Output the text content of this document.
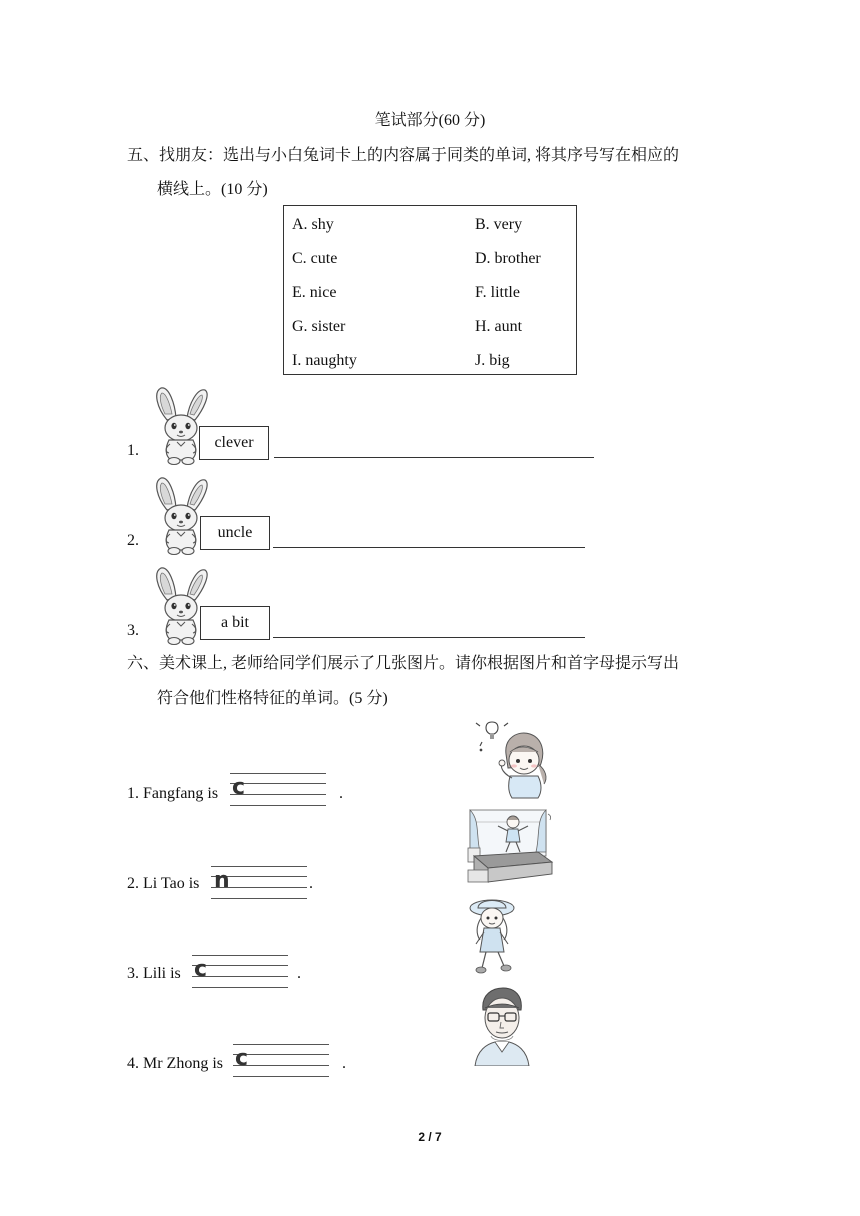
笔试部分(60 分)
五、找朋友：选出与小白兔词卡上的内容属于同类的单词, 将其序号写在相应的
横线上。(10 分)
A. shy	B. very
C. cute	D. brother
E. nice	F. little
G. sister	H. aunt
I. naughty	J. big
1.	clever
2.	uncle
3.	a bit
六、美术课上, 老师给同学们展示了几张图片。请你根据图片和首字母提示写出
符合他们性格特征的单词。(5 分)
1. Fangfang is c	.
2. Li Tao is n	.
3. Lili is c	.
4. Mr Zhong is c	.
2 / 7
